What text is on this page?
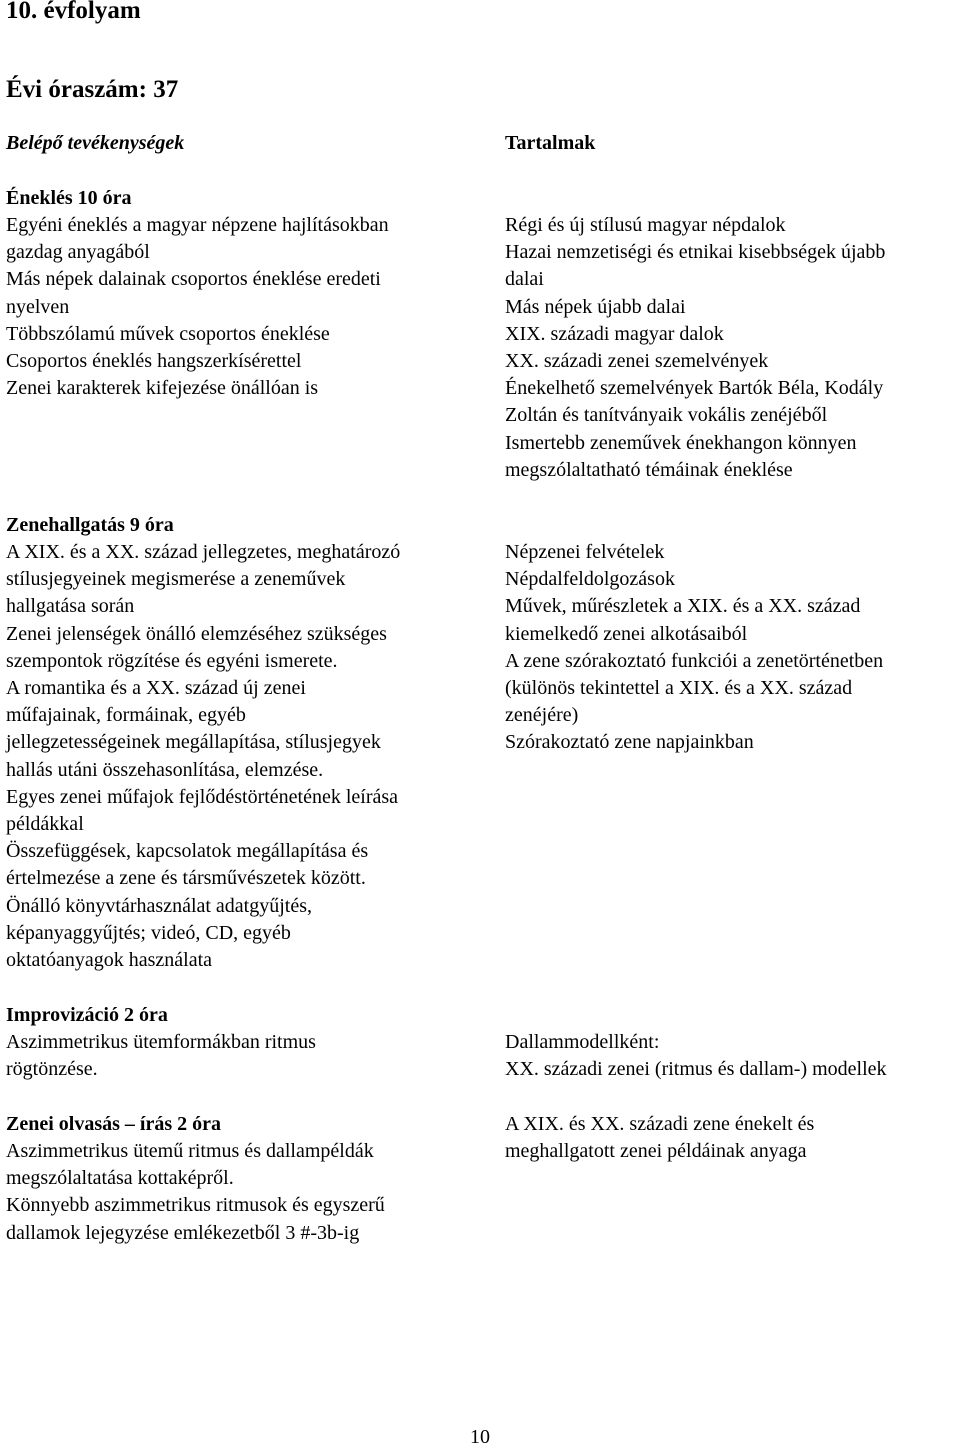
10. évfolyam
Évi óraszám: 37
Belépő tevékenységek	Tartalmak
Éneklés 10 óra
Egyéni éneklés a magyar népzene hajlításokban
gazdag anyagából
Más népek dalainak csoportos éneklése eredeti
nyelven
Többszólamú művek csoportos éneklése
Csoportos éneklés hangszerkísérettel
Zenei karakterek kifejezése önállóan is
Régi és új stílusú magyar népdalok
Hazai nemzetiségi és etnikai kisebbségek újabb
dalai
Más népek újabb dalai
XIX. századi magyar dalok
XX. századi zenei szemelvények
Énekelhető szemelvények Bartók Béla, Kodály
Zoltán és tanítványaik vokális zenéjéből
Ismertebb zeneművek énekhangon könnyen
megszólaltatható témáinak éneklése
Zenehallgatás 9 óra
A XIX. és a XX. század jellegzetes, meghatározó
stílusjegyeinek megismerése a zeneművek
hallgatása során
Zenei jelenségek önálló elemzéséhez szükséges
szempontok rögzítése és egyéni ismerete.
A romantika és a XX. század új zenei
műfajainak, formáinak, egyéb
jellegzetességeinek megállapítása, stílusjegyek
hallás utáni összehasonlítása, elemzése.
Egyes zenei műfajok fejlődéstörténetének leírása
példákkal
Összefüggések, kapcsolatok megállapítása és
értelmezése a zene és társművészetek között.
Önálló könyvtárhasználat adatgyűjtés,
képanyaggyűjtés; videó, CD, egyéb
oktatóanyagok használata
Népzenei felvételek
Népdalfeldolgozások
Művek, műrészletek a XIX. és a XX. század
kiemelkedő zenei alkotásaiból
A zene szórakoztató funkciói a zenetörténetben
(különös tekintettel a XIX. és a XX. század
zenéjére)
Szórakoztató zene napjainkban
Improvizáció 2 óra
Aszimmetrikus ütemformákban ritmus
rögtönzése.
Dallammodellként:
XX. századi zenei (ritmus és dallam-) modellek
Zenei olvasás – írás 2 óra
Aszimmetrikus ütemű ritmus és dallampéldák
megszólaltatása kottaképről.
Könnyebb aszimmetrikus ritmusok és egyszerű
dallamok lejegyzése emlékezetből 3 #-3b-ig
A XIX. és XX. századi zene énekelt és
meghallgatott zenei példáinak anyaga
10
